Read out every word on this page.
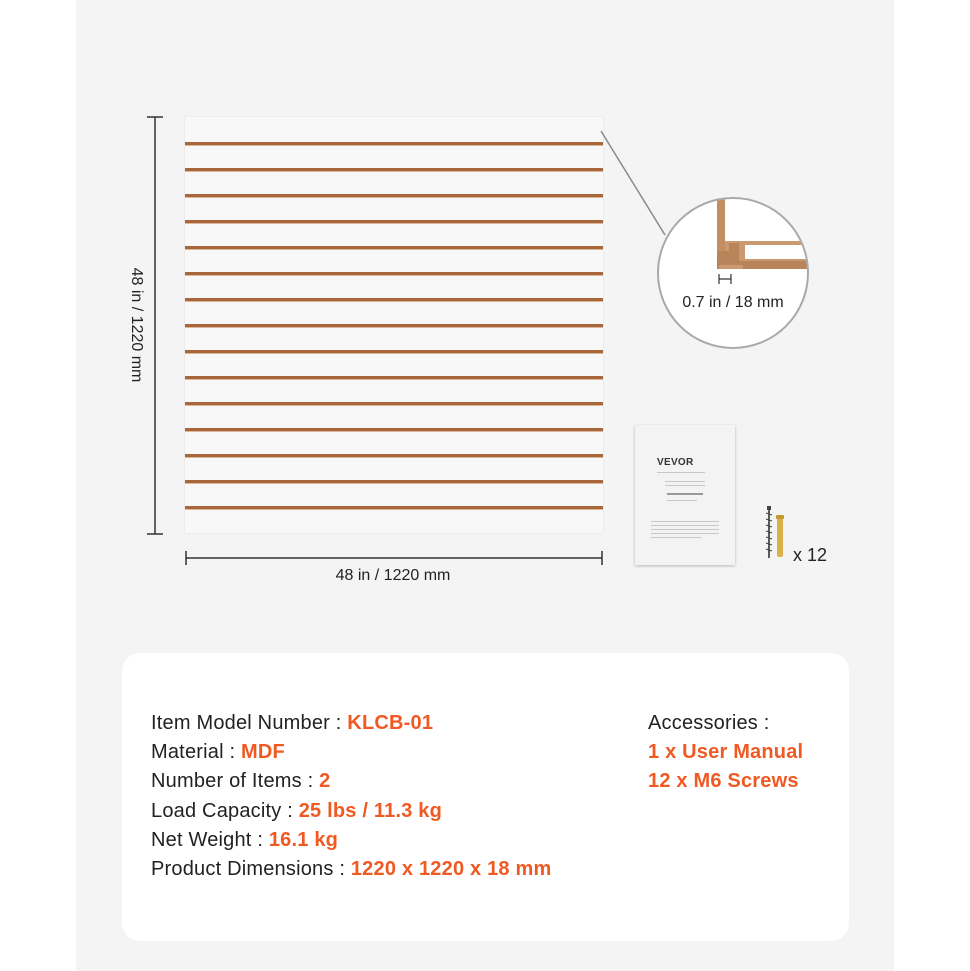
48 in / 1220 mm	0.7 in / 18 mm
48 in / 1220 mm
VEVOR
x 12
Item Model Number : KLCB-01
Material : MDF
Number of Items : 2
Load Capacity : 25 lbs / 11.3 kg
Net Weight : 16.1 kg
Product Dimensions : 1220 x 1220 x 18 mm
Accessories :
1 x User Manual
12 x M6 Screws
